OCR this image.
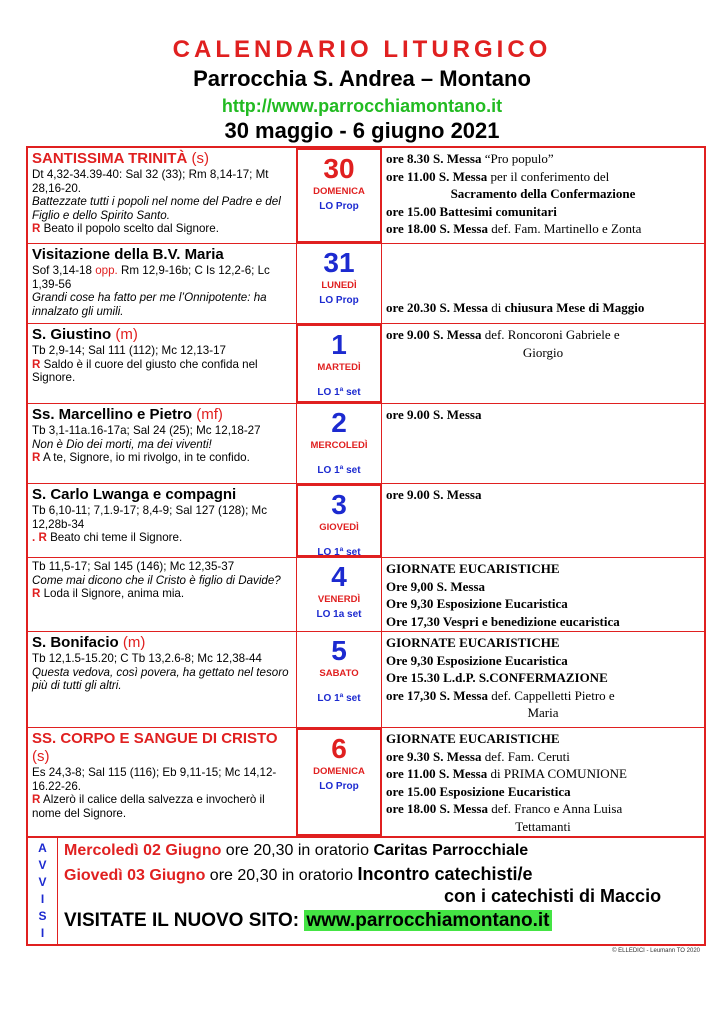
CALENDARIO LITURGICO
Parrocchia S. Andrea – Montano
http://www.parrocchiamontano.it
30 maggio - 6 giugno 2021
SANTISSIMA TRINITÀ (s)
Dt 4,32-34.39-40: Sal 32 (33); Rm 8,14-17; Mt 28,16-20.
Battezzate tutti i popoli nel nome del Padre e del Figlio e dello Spirito Santo.
R Beato il popolo scelto dal Signore.
30
DOMENICA
LO Prop
ore 8.30 S. Messa “Pro populo”
ore 11.00 S. Messa per il conferimento del
Sacramento della Confermazione
ore 15.00 Battesimi comunitari
ore 18.00 S. Messa def. Fam. Martinello e Zonta
Visitazione della B.V. Maria
Sof 3,14-18 opp. Rm 12,9-16b; C Is 12,2-6; Lc 1,39-56
Grandi cose ha fatto per me l’Onnipotente: ha innalzato gli umili.
31
LUNEDÌ
LO Prop	ore 20.30 S. Messa di chiusura Mese di Maggio
S. Giustino (m)
Tb 2,9-14; Sal 111 (112); Mc 12,13-17
R Saldo è il cuore del giusto che confida nel Signore.
1
MARTEDÌ
LO 1ª set
ore 9.00 S. Messa def. Roncoroni Gabriele e
Giorgio
Ss. Marcellino e Pietro (mf)
Tb 3,1-11a.16-17a; Sal 24 (25); Mc 12,18-27
Non è Dio dei morti, ma dei viventi!
R A te, Signore, io mi rivolgo, in te confido.
2
MERCOLEDÌ
LO 1ª set
ore 9.00 S. Messa
S. Carlo Lwanga e compagni
Tb 6,10-11; 7,1.9-17; 8,4-9; Sal 127 (128); Mc 12,28b-34
. R Beato chi teme il Signore.
3
GIOVEDÌ
LO 1ª set
ore 9.00 S. Messa
Tb 11,5-17; Sal 145 (146); Mc 12,35-37
Come mai dicono che il Cristo è figlio di Davide?
R Loda il Signore, anima mia.
4
VENERDÌ
LO 1a set
GIORNATE EUCARISTICHE
Ore 9,00 S. Messa
Ore 9,30 Esposizione Eucaristica
Ore 17,30 Vespri e benedizione eucaristica
S. Bonifacio (m)
Tb 12,1.5-15.20; C Tb 13,2.6-8; Mc 12,38-44
Questa vedova, così povera, ha gettato nel tesoro più di tutti gli altri.
5
SABATO
LO 1ª set
GIORNATE EUCARISTICHE
Ore 9,30 Esposizione Eucaristica
Ore 15.30 L.d.P. S.CONFERMAZIONE
ore 17,30 S. Messa def. Cappelletti Pietro e
Maria
SS. CORPO E SANGUE DI CRISTO (s)
Es 24,3-8; Sal 115 (116); Eb 9,11-15; Mc 14,12-16.22-26.
R Alzerò il calice della salvezza e invocherò il nome del Signore.
6
DOMENICA
LO Prop
GIORNATE EUCARISTICHE
ore 9.30 S. Messa def. Fam. Ceruti
ore 11.00 S. Messa di PRIMA COMUNIONE
ore 15.00 Esposizione Eucaristica
ore 18.00 S. Messa def. Franco e Anna Luisa
Tettamanti
A
V
V
I
S
I
Mercoledì 02 Giugno ore 20,30 in oratorio Caritas Parrocchiale
Giovedì 03 Giugno ore 20,30 in oratorio Incontro catechisti/e
con i catechisti di Maccio
VISITATE IL NUOVO SITO: www.parrocchiamontano.it
© ELLEDICI - Leumann TO 2020
